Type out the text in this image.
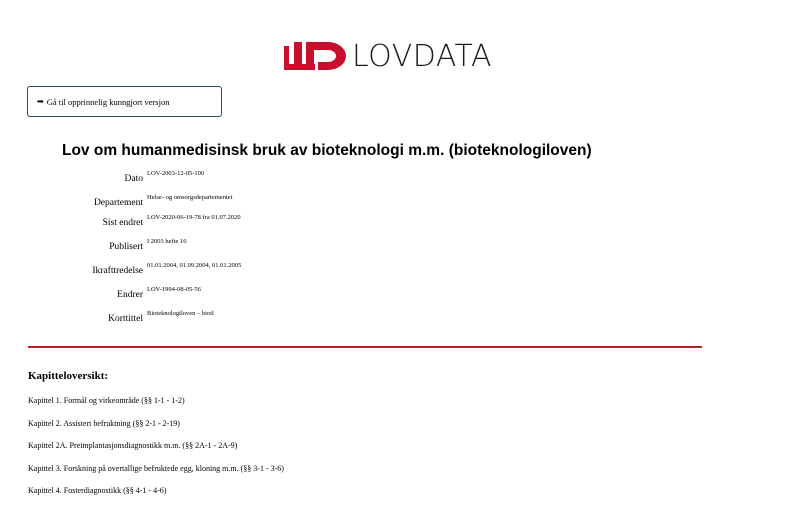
LOVDATA
➡ Gå til opprinnelig kunngjort versjon
Lov om humanmedisinsk bruk av bioteknologi m.m. (bioteknologiloven)
Dato
LOV-2003-12-05-100
Departement
Helse- og omsorgsdepartementet
Sist endret
LOV-2020-06-19-78 fra 01.07.2020
Publisert
I 2003 hefte 16
Ikrafttredelse
01.01.2004, 01.09.2004, 01.01.2005
Endrer
LOV-1994-08-05-56
Korttittel
Bioteknologiloven – biotl
Kapitteloversikt:
Kapittel 1. Formål og virkeområde (§§ 1-1 - 1-2)
Kapittel 2. Assistert befruktning (§§ 2-1 - 2-19)
Kapittel 2A. Preimplantasjonsdiagnostikk m.m. (§§ 2A-1 - 2A-9)
Kapittel 3. Forskning på overtallige befruktede egg, kloning m.m. (§§ 3-1 - 3-6)
Kapittel 4. Fosterdiagnostikk (§§ 4-1 - 4-6)
